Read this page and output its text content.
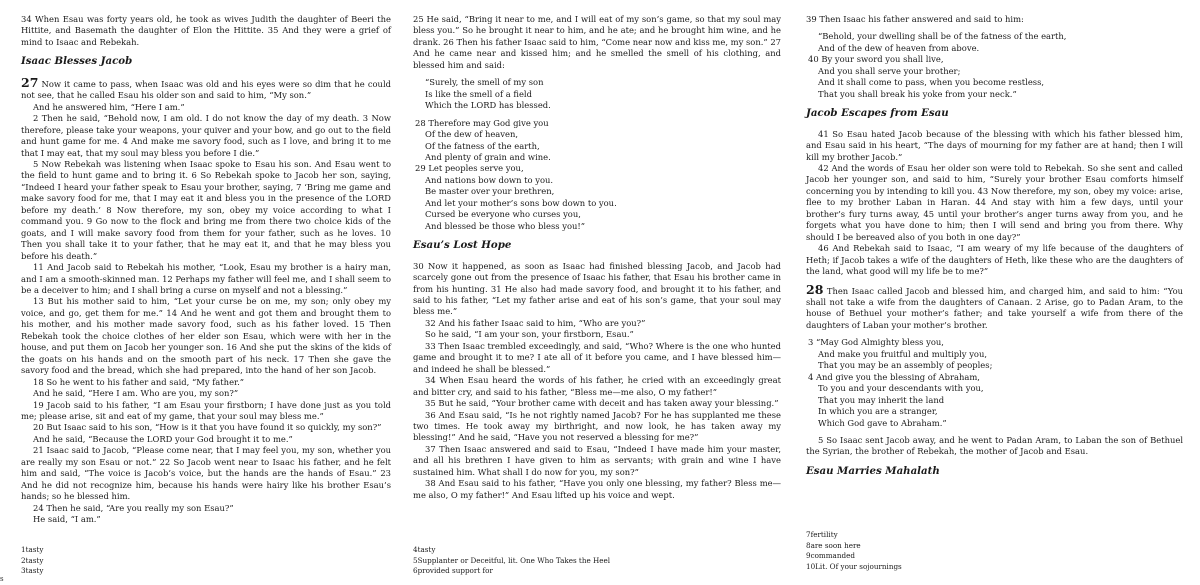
34 When Esau was forty years old, he took as wives Judith the daughter of Beeri the Hittite, and Basemath the daughter of Elon the Hittite. 35 And they were a grief of mind to Isaac and Rebekah.

Isaac Blesses Jacob

27 Now it came to pass, when Isaac was old and his eyes were so dim that he could not see, that he called Esau his older son and said to him, “My son.”

And he answered him, “Here I am.”

2 Then he said, “Behold now, I am old. I do not know the day of my death. 3 Now therefore, please take your weapons, your quiver and your bow, and go out to the field and hunt game for me. 4 And make me savory food, such as I love, and bring it to me that I may eat, that my soul may bless you before I die.”

5 Now Rebekah was listening when Isaac spoke to Esau his son. And Esau went to the field to hunt game and to bring it. 6 So Rebekah spoke to Jacob her son, saying, “Indeed I heard your father speak to Esau your brother, saying, 7 ‘Bring me game and make savory food for me, that I may eat it and bless you in the presence of the LORD before my death.’ 8 Now therefore, my son, obey my voice according to what I command you. 9 Go now to the flock and bring me from there two choice kids of the goats, and I will make savory food from them for your father, such as he loves. 10 Then you shall take it to your father, that he may eat it, and that he may bless you before his death.”

11 And Jacob said to Rebekah his mother, “Look, Esau my brother is a hairy man, and I am a smooth-skinned man. 12 Perhaps my father will feel me, and I shall seem to be a deceiver to him; and I shall bring a curse on myself and not a blessing.”

13 But his mother said to him, “Let your curse be on me, my son; only obey my voice, and go, get them for me.” 14 And he went and got them and brought them to his mother, and his mother made savory food, such as his father loved. 15 Then Rebekah took the choice clothes of her elder son Esau, which were with her in the house, and put them on Jacob her younger son. 16 And she put the skins of the kids of the goats on his hands and on the smooth part of his neck. 17 Then she gave the savory food and the bread, which she had prepared, into the hand of her son Jacob.

18 So he went to his father and said, “My father.”

And he said, “Here I am. Who are you, my son?”

19 Jacob said to his father, “I am Esau your firstborn; I have done just as you told me; please arise, sit and eat of my game, that your soul may bless me.”

20 But Isaac said to his son, “How is it that you have found it so quickly, my son?”

And he said, “Because the LORD your God brought it to me.”

21 Isaac said to Jacob, “Please come near, that I may feel you, my son, whether you are really my son Esau or not.” 22 So Jacob went near to Isaac his father, and he felt him and said, “The voice is Jacob’s voice, but the hands are the hands of Esau.” 23 And he did not recognize him, because his hands were hairy like his brother Esau’s hands; so he blessed him.

24 Then he said, “Are you really my son Esau?”

He said, “I am.”

25 He said, “Bring it near to me, and I will eat of my son’s game, so that my soul may bless you.” So he brought it near to him, and he ate; and he brought him wine, and he drank. 26 Then his father Isaac said to him, “Come near now and kiss me, my son.” 27 And he came near and kissed him; and he smelled the smell of his clothing, and blessed him and said:

“Surely, the smell of my son
Is like the smell of a field
Which the LORD has blessed.
28 Therefore may God give you
Of the dew of heaven,
Of the fatness of the earth,
And plenty of grain and wine.
29 Let peoples serve you,
And nations bow down to you.
Be master over your brethren,
And let your mother’s sons bow down to you.
Cursed be everyone who curses you,
And blessed be those who bless you!”
Esau’s Lost Hope

30 Now it happened, as soon as Isaac had finished blessing Jacob, and Jacob had scarcely gone out from the presence of Isaac his father, that Esau his brother came in from his hunting. 31 He also had made savory food, and brought it to his father, and said to his father, “Let my father arise and eat of his son’s game, that your soul may bless me.”

32 And his father Isaac said to him, “Who are you?”

So he said, “I am your son, your firstborn, Esau.”

33 Then Isaac trembled exceedingly, and said, “Who? Where is the one who hunted game and brought it to me? I ate all of it before you came, and I have blessed him—and indeed he shall be blessed.”

34 When Esau heard the words of his father, he cried with an exceedingly great and bitter cry, and said to his father, “Bless me—me also, O my father!”

35 But he said, “Your brother came with deceit and has taken away your blessing.”

36 And Esau said, “Is he not rightly named Jacob? For he has supplanted me these two times. He took away my birthright, and now look, he has taken away my blessing!” And he said, “Have you not reserved a blessing for me?”

37 Then Isaac answered and said to Esau, “Indeed I have made him your master, and all his brethren I have given to him as servants; with grain and wine I have sustained him. What shall I do now for you, my son?”

38 And Esau said to his father, “Have you only one blessing, my father? Bless me—me also, O my father!” And Esau lifted up his voice and wept.

39 Then Isaac his father answered and said to him:

“Behold, your dwelling shall be of the fatness of the earth,
And of the dew of heaven from above.
40 By your sword you shall live,
And you shall serve your brother;
And it shall come to pass, when you become restless,
That you shall break his yoke from your neck.”
Jacob Escapes from Esau

41 So Esau hated Jacob because of the blessing with which his father blessed him, and Esau said in his heart, “The days of mourning for my father are at hand; then I will kill my brother Jacob.”

42 And the words of Esau her older son were told to Rebekah. So she sent and called Jacob her younger son, and said to him, “Surely your brother Esau comforts himself concerning you by intending to kill you. 43 Now therefore, my son, obey my voice: arise, flee to my brother Laban in Haran. 44 And stay with him a few days, until your brother’s fury turns away, 45 until your brother’s anger turns away from you, and he forgets what you have done to him; then I will send and bring you from there. Why should I be bereaved also of you both in one day?”

46 And Rebekah said to Isaac, “I am weary of my life because of the daughters of Heth; if Jacob takes a wife of the daughters of Heth, like these who are the daughters of the land, what good will my life be to me?”

28 Then Isaac called Jacob and blessed him, and charged him, and said to him: “You shall not take a wife from the daughters of Canaan. 2 Arise, go to Padan Aram, to the house of Bethuel your mother’s father; and take yourself a wife from there of the daughters of Laban your mother’s brother.

3 “May God Almighty bless you,
And make you fruitful and multiply you,
That you may be an assembly of peoples;
4 And give you the blessing of Abraham,
To you and your descendants with you,
That you may inherit the land
In which you are a stranger,
Which God gave to Abraham.”

5 So Isaac sent Jacob away, and he went to Padan Aram, to Laban the son of Bethuel the Syrian, the brother of Rebekah, the mother of Jacob and Esau.

Esau Marries Mahalath
1tasty
2tasty
3tasty
4tasty
5Supplanter or Deceitful, lit. One Who Takes the Heel
6provided support for
7fertility
8are soon here
9commanded
10Lit. Of your sojournings
s
